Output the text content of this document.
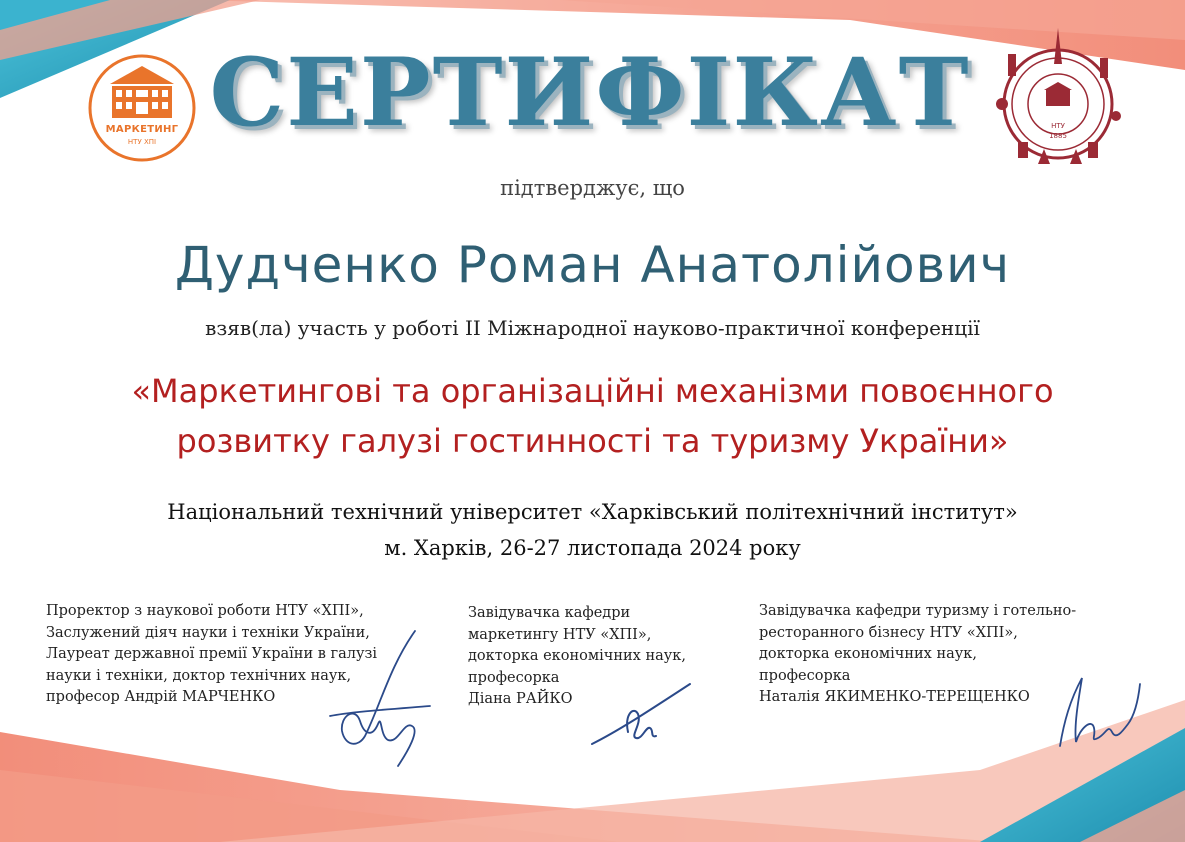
МАРКЕТИНГ
НТУ ХПІ
НТУ
1885
СЕРТИФІКАТ
підтверджує, що
Дудченко Роман Анатолійович
взяв(ла) участь у роботі ІІ Міжнародної науково-практичної конференції
«Маркетингові та організаційні механізми повоєнного
розвитку галузі гостинності та туризму України»
Національний технічний університет «Харківський політехнічний інститут»
м. Харків, 26-27 листопада 2024 року
Проректор з наукової роботи НТУ «ХПІ»,
Заслужений діяч науки і техніки України,
Лауреат державної премії України в галузі
науки і техніки, доктор технічних наук,
професор Андрій МАРЧЕНКО
Завідувачка кафедри
маркетингу НТУ «ХПІ»,
докторка економічних наук,
професорка
Діана РАЙКО
Завідувачка кафедри туризму і готельно-
ресторанного бізнесу НТУ «ХПІ»,
докторка економічних наук,
професорка
Наталія ЯКИМЕНКО-ТЕРЕЩЕНКО
